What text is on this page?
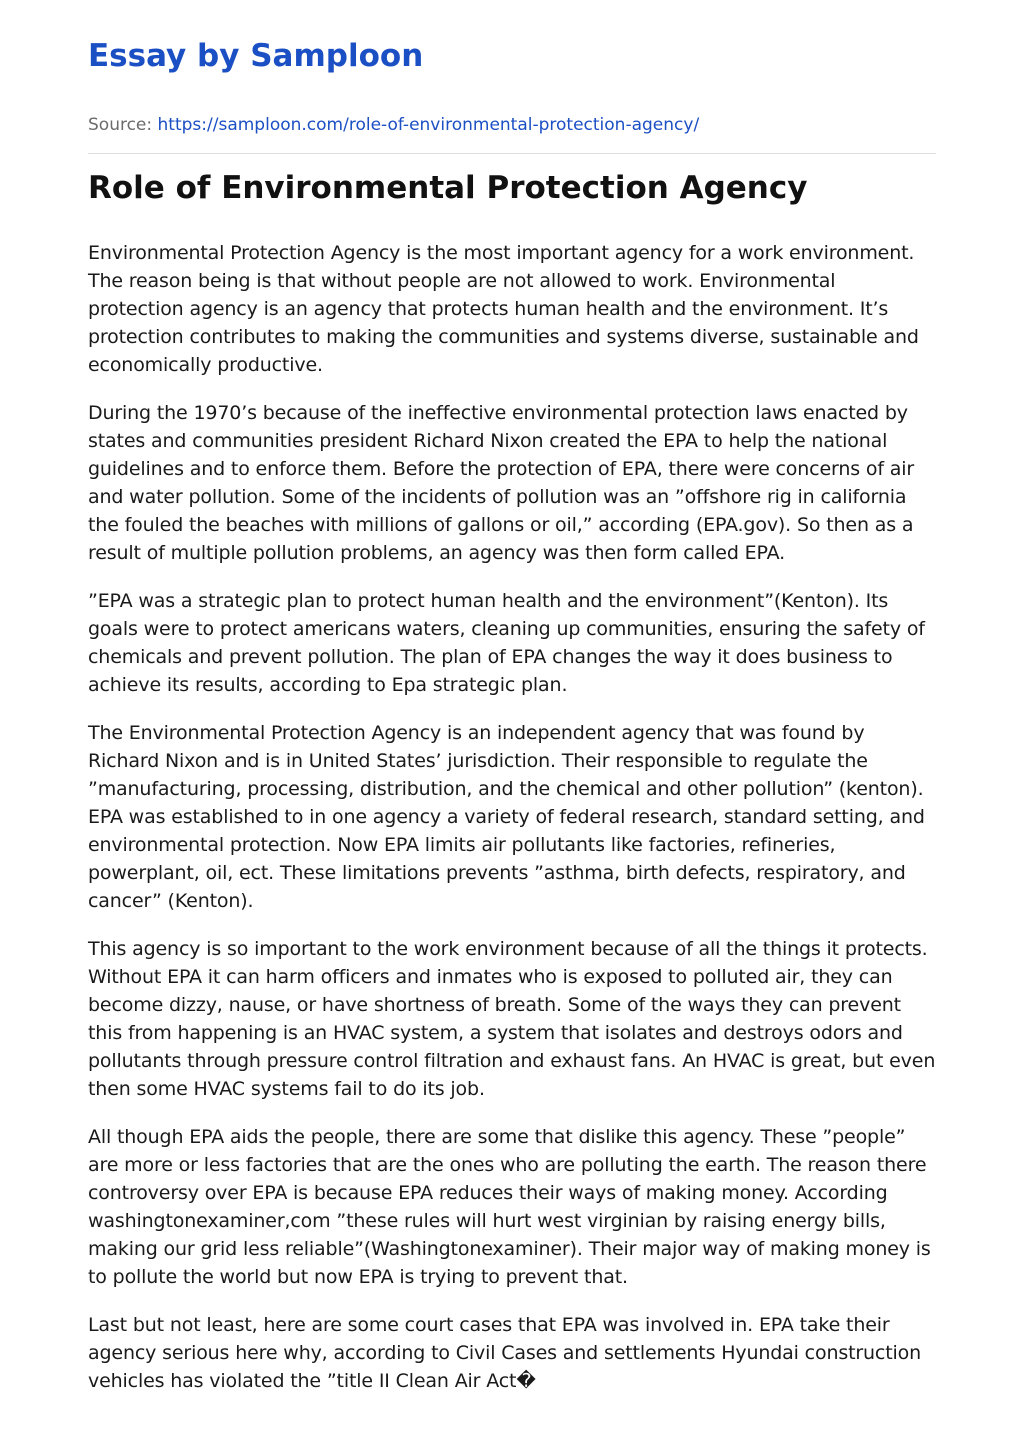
Essay by Samploon
Source: https://samploon.com/role-of-environmental-protection-agency/
Role of Environmental Protection Agency

Environmental Protection Agency is the most important agency for a work environment. The reason being is that without people are not allowed to work. Environmental protection agency is an agency that protects human health and the environment. It’s protection contributes to making the communities and systems diverse, sustainable and economically productive.

During the 1970’s because of the ineffective environmental protection laws enacted by states and communities president Richard Nixon created the EPA to help the national guidelines and to enforce them. Before the protection of EPA, there were concerns of air and water pollution. Some of the incidents of pollution was an ”offshore rig in california the fouled the beaches with millions of gallons or oil,” according (EPA.gov). So then as a result of multiple pollution problems, an agency was then form called EPA.

”EPA was a strategic plan to protect human health and the environment”(Kenton). Its goals were to protect americans waters, cleaning up communities, ensuring the safety of chemicals and prevent pollution. The plan of EPA changes the way it does business to achieve its results, according to Epa strategic plan.

The Environmental Protection Agency is an independent agency that was found by Richard Nixon and is in United States’ jurisdiction. Their responsible to regulate the ”manufacturing, processing, distribution, and the chemical and other pollution” (kenton). EPA was established to in one agency a variety of federal research, standard setting, and environmental protection. Now EPA limits air pollutants like factories, refineries, powerplant, oil, ect. These limitations prevents ”asthma, birth defects, respiratory, and cancer” (Kenton).

This agency is so important to the work environment because of all the things it protects. Without EPA it can harm officers and inmates who is exposed to polluted air, they can become dizzy, nause, or have shortness of breath. Some of the ways they can prevent this from happening is an HVAC system, a system that isolates and destroys odors and pollutants through pressure control filtration and exhaust fans. An HVAC is great, but even then some HVAC systems fail to do its job.

All though EPA aids the people, there are some that dislike this agency. These ”people” are more or less factories that are the ones who are polluting the earth. The reason there controversy over EPA is because EPA reduces their ways of making money. According washingtonexaminer,com ”these rules will hurt west virginian by raising energy bills, making our grid less reliable”(Washingtonexaminer). Their major way of making money is to pollute the world but now EPA is trying to prevent that.

Last but not least, here are some court cases that EPA was involved in. EPA take their agency serious here why, according to Civil Cases and settlements Hyundai construction vehicles has violated the ”title II Clean Air Act�
